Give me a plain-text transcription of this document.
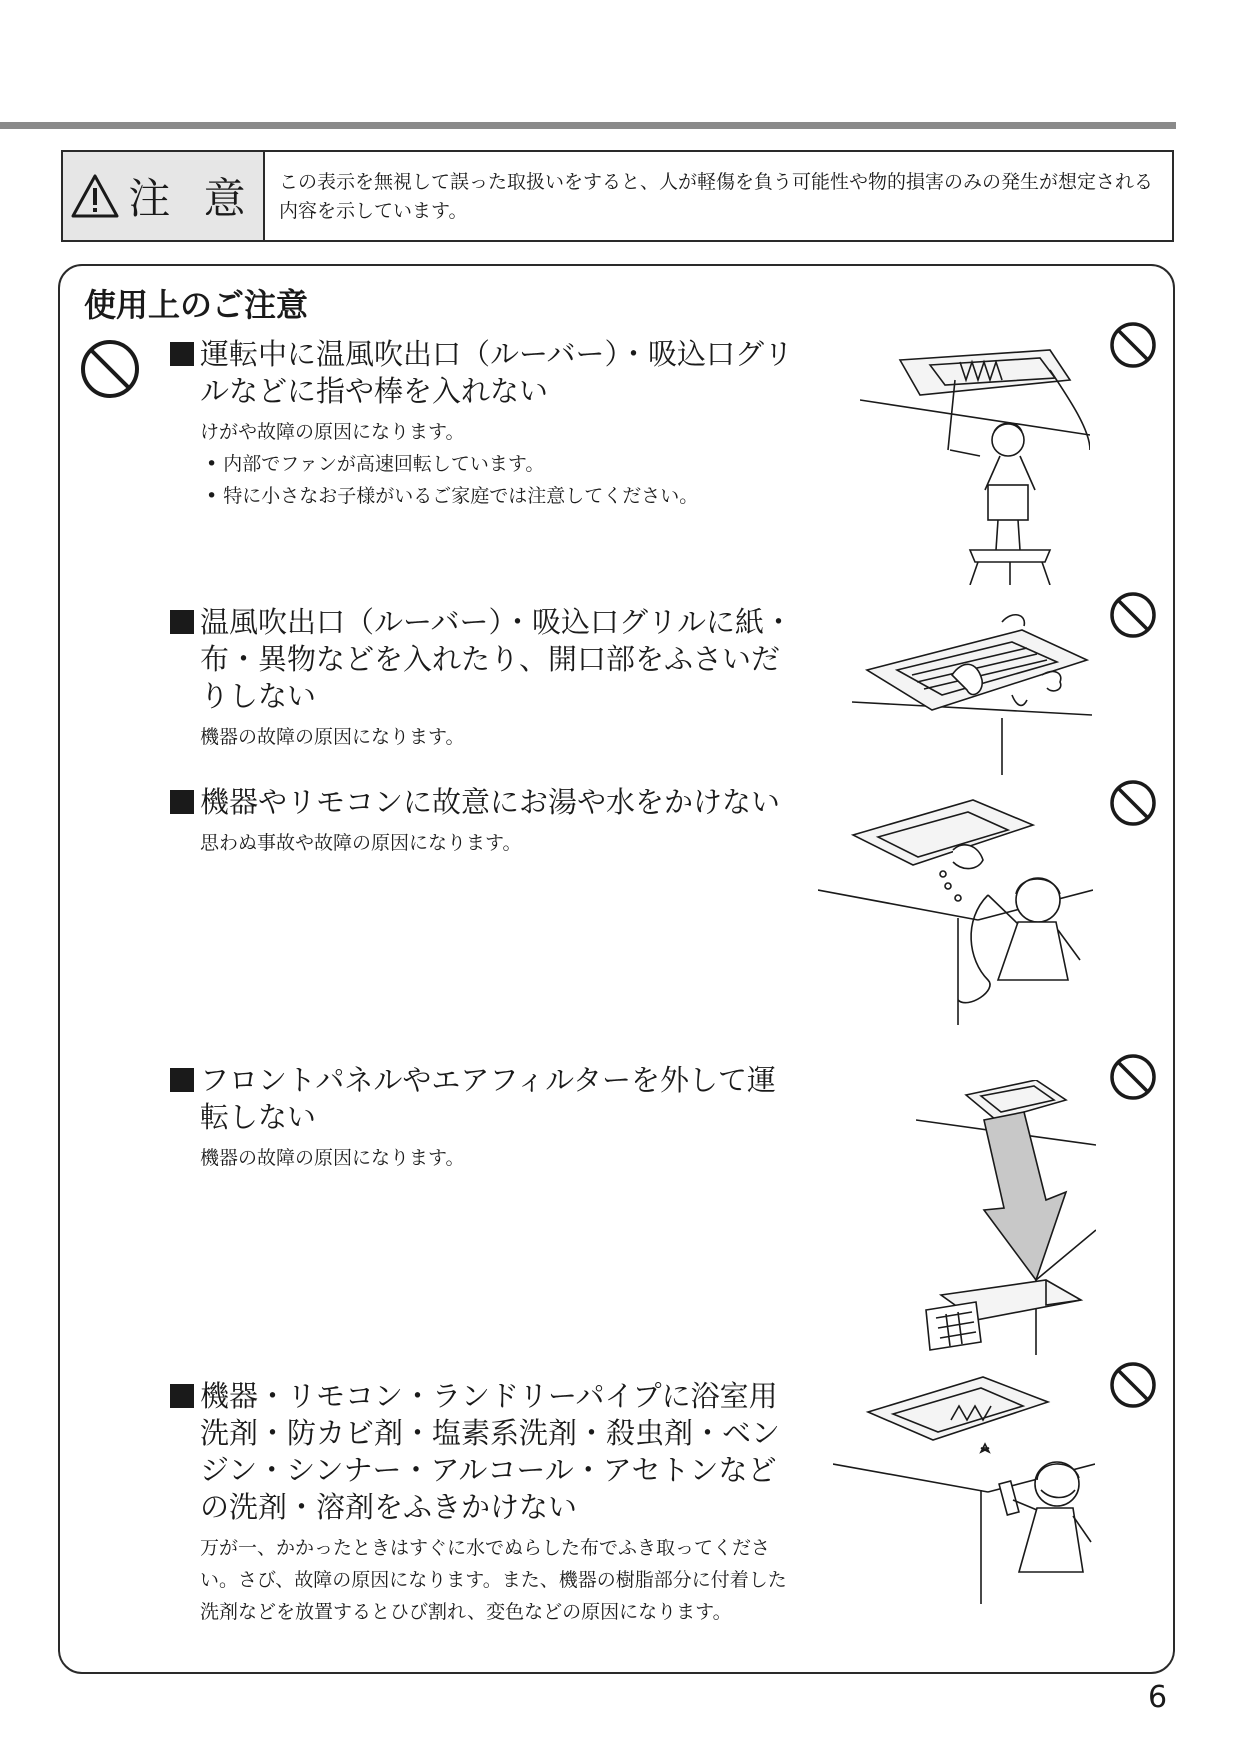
注 意	この表示を無視して誤った取扱いをすると、人が軽傷を負う可能性や物的損害のみの発生が想定される内容を示しています。
使用上のご注意
運転中に温風吹出口（ルーバー）・吸込口グリルなどに指や棒を入れない
けがや故障の原因になります。
• 内部でファンが高速回転しています。
• 特に小さなお子様がいるご家庭では注意してください。
温風吹出口（ルーバー）・吸込口グリルに紙・布・異物などを入れたり、開口部をふさいだりしない
機器の故障の原因になります。
機器やリモコンに故意にお湯や水をかけない
思わぬ事故や故障の原因になります。
フロントパネルやエアフィルターを外して運転しない
機器の故障の原因になります。
機器・リモコン・ランドリーパイプに浴室用洗剤・防カビ剤・塩素系洗剤・殺虫剤・ベンジン・シンナー・アルコール・アセトンなどの洗剤・溶剤をふきかけない
万が一、かかったときはすぐに水でぬらした布でふき取ってください。さび、故障の原因になります。また、機器の樹脂部分に付着した洗剤などを放置するとひび割れ、変色などの原因になります。
6
